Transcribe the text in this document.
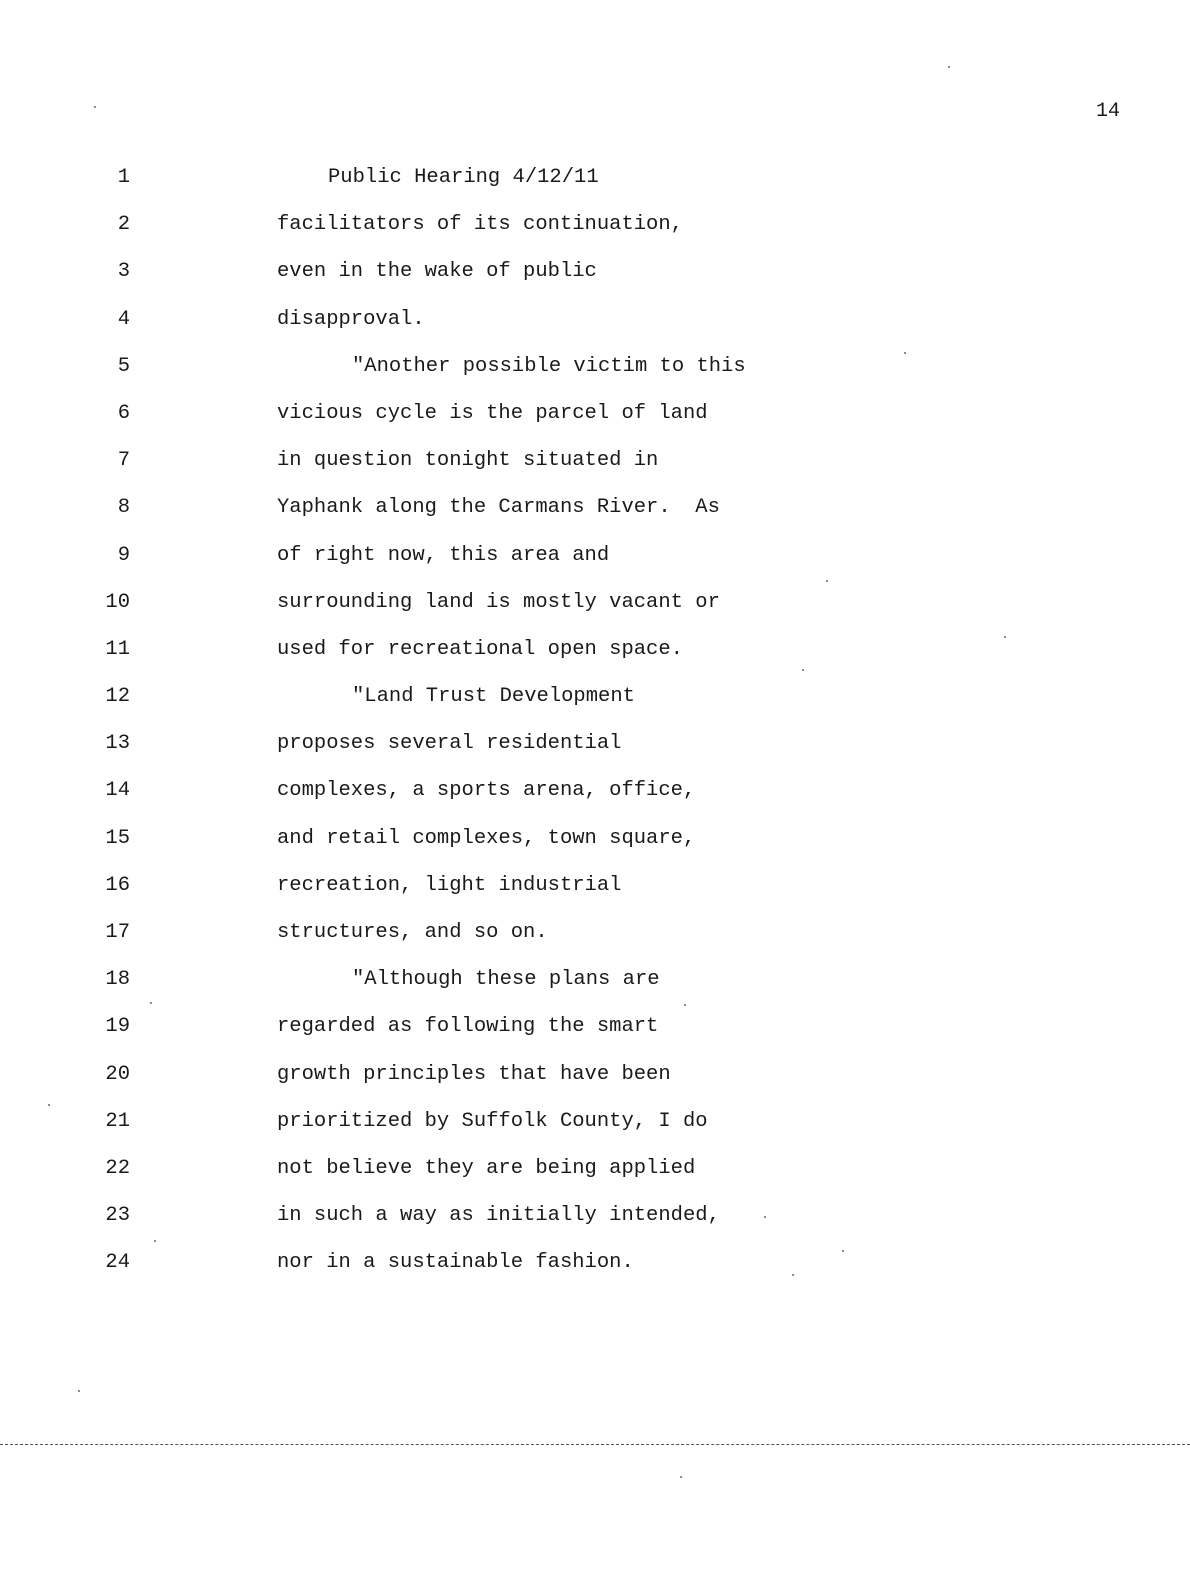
14
1	Public Hearing 4/12/11
2	facilitators of its continuation,
3	even in the wake of public
4	disapproval.
5	"Another possible victim to this
6	vicious cycle is the parcel of land
7	in question tonight situated in
8	Yaphank along the Carmans River.  As
9	of right now, this area and
10	surrounding land is mostly vacant or
11	used for recreational open space.
12	"Land Trust Development
13	proposes several residential
14	complexes, a sports arena, office,
15	and retail complexes, town square,
16	recreation, light industrial
17	structures, and so on.
18	"Although these plans are
19	regarded as following the smart
20	growth principles that have been
21	prioritized by Suffolk County, I do
22	not believe they are being applied
23	in such a way as initially intended,
24	nor in a sustainable fashion.
